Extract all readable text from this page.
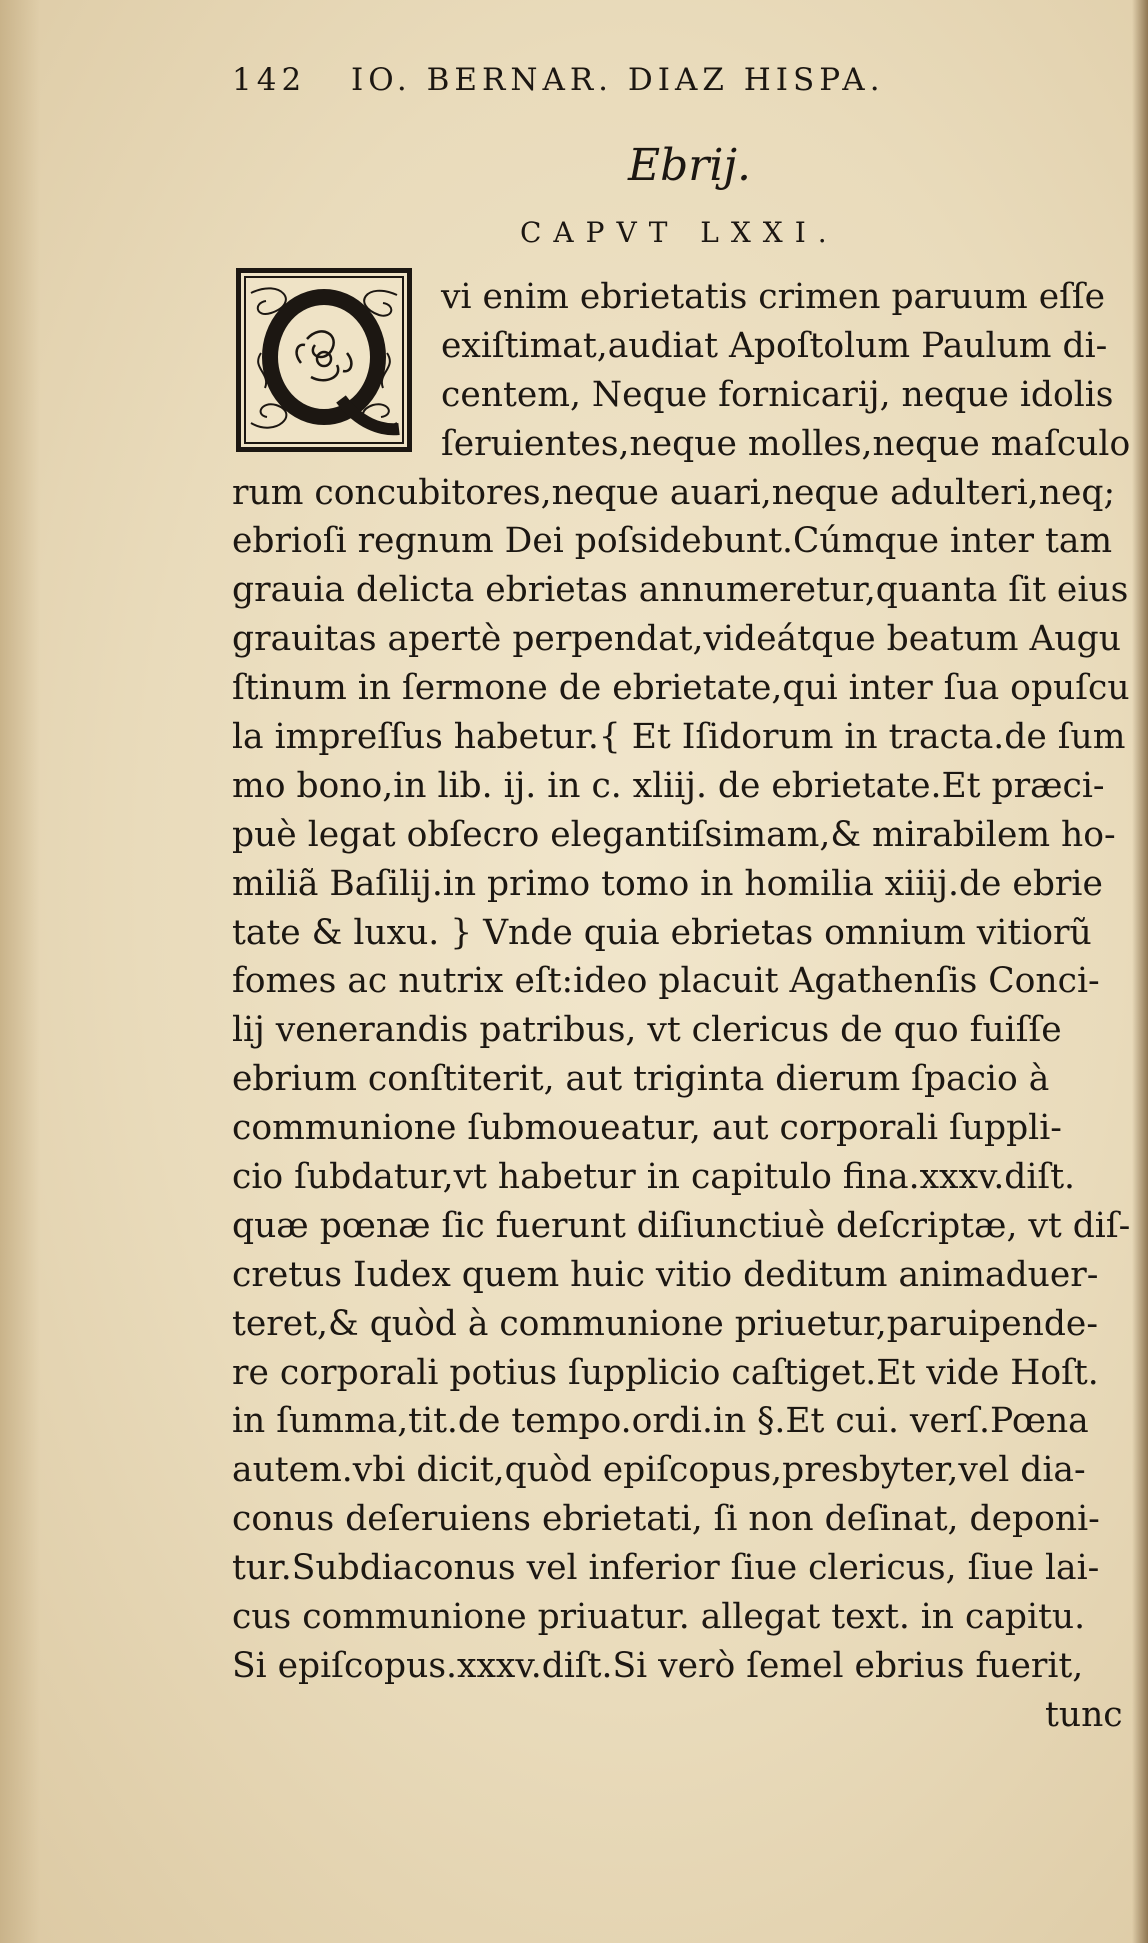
142 IO. BERNAR. DIAZ HISPA.
Ebrij.
CAPVT LXXI.
vi enim ebrietatis crimen paruum eſſe
exiſtimat,audiat Apoſtolum Paulum di-
centem, Neque fornicarij, neque idolis
ſeruientes,neque molles,neque maſculo
rum concubitores,neque auari,neque adulteri,neq;
ebrioſi regnum Dei poſsidebunt.Cúmque inter tam
grauia delicta ebrietas annumeretur,quanta ſit eius
grauitas apertè perpendat,videátque beatum Augu
ſtinum in ſermone de ebrietate,qui inter ſua opuſcu
la impreſſus habetur.{ Et Iſidorum in tracta.de ſum
mo bono,in lib. ij. in c. xliij. de ebrietate.Et præci-
puè legat obſecro elegantiſsimam,& mirabilem ho-
miliã Baſilij.in primo tomo in homilia xiiij.de ebrie
tate & luxu. } Vnde quia ebrietas omnium vitiorũ
fomes ac nutrix eſt:ideo placuit Agathenſis Conci-
lij venerandis patribus, vt clericus de quo fuiſſe
ebrium conſtiterit, aut triginta dierum ſpacio à
communione ſubmoueatur, aut corporali ſuppli-
cio ſubdatur,vt habetur in capitulo fina.xxxv.diſt.
quæ pœnæ ſic fuerunt diſiunctiuè deſcriptæ, vt diſ-
cretus Iudex quem huic vitio deditum animaduer-
teret,& quòd à communione priuetur,paruipende-
re corporali potius ſupplicio caſtiget.Et vide Hoſt.
in ſumma,tit.de tempo.ordi.in §.Et cui. verſ.Pœna
autem.vbi dicit,quòd epiſcopus,presbyter,vel dia-
conus deſeruiens ebrietati, ſi non deſinat, deponi-
tur.Subdiaconus vel inferior ſiue clericus, ſiue lai-
cus communione priuatur. allegat text. in capitu.
Si epiſcopus.xxxv.diſt.Si verò ſemel ebrius fuerit,
tunc
